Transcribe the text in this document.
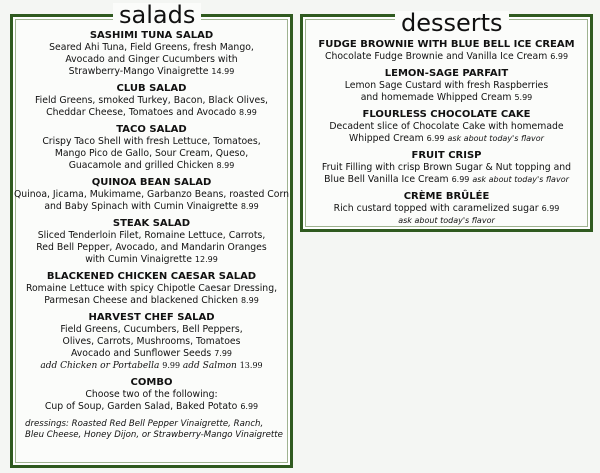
salads
SASHIMI TUNA SALAD
Seared Ahi Tuna, Field Greens, fresh Mango,
Avocado and Ginger Cucumbers with
Strawberry-Mango Vinaigrette 14.99
CLUB SALAD
Field Greens, smoked Turkey, Bacon, Black Olives,
Cheddar Cheese, Tomatoes and Avocado 8.99
TACO SALAD
Crispy Taco Shell with fresh Lettuce, Tomatoes,
Mango Pico de Gallo, Sour Cream, Queso,
Guacamole and grilled Chicken 8.99
QUINOA BEAN SALAD
Quinoa, Jicama, Mukimame, Garbanzo Beans, roasted Corn
and Baby Spinach with Cumin Vinaigrette 8.99
STEAK SALAD
Sliced Tenderloin Filet, Romaine Lettuce, Carrots,
Red Bell Pepper, Avocado, and Mandarin Oranges
with Cumin Vinaigrette 12.99
BLACKENED CHICKEN CAESAR SALAD
Romaine Lettuce with spicy Chipotle Caesar Dressing,
Parmesan Cheese and blackened Chicken 8.99
HARVEST CHEF SALAD
Field Greens, Cucumbers, Bell Peppers,
Olives, Carrots, Mushrooms, Tomatoes
Avocado and Sunflower Seeds 7.99
add Chicken or Portabella 9.99 add Salmon 13.99
COMBO
Choose two of the following:
Cup of Soup, Garden Salad, Baked Potato 6.99
dressings: Roasted Red Bell Pepper Vinaigrette, Ranch,
Bleu Cheese, Honey Dijon, or Strawberry-Mango Vinaigrette
desserts
FUDGE BROWNIE WITH BLUE BELL ICE CREAM
Chocolate Fudge Brownie and Vanilla Ice Cream 6.99
LEMON-SAGE PARFAIT
Lemon Sage Custard with fresh Raspberries
and homemade Whipped Cream 5.99
FLOURLESS CHOCOLATE CAKE
Decadent slice of Chocolate Cake with homemade
Whipped Cream 6.99 ask about today's flavor
FRUIT CRISP
Fruit Filling with crisp Brown Sugar & Nut topping and
Blue Bell Vanilla Ice Cream 6.99 ask about today's flavor
CRÈME BRÛLÉE
Rich custard topped with caramelized sugar 6.99
ask about today's flavor
